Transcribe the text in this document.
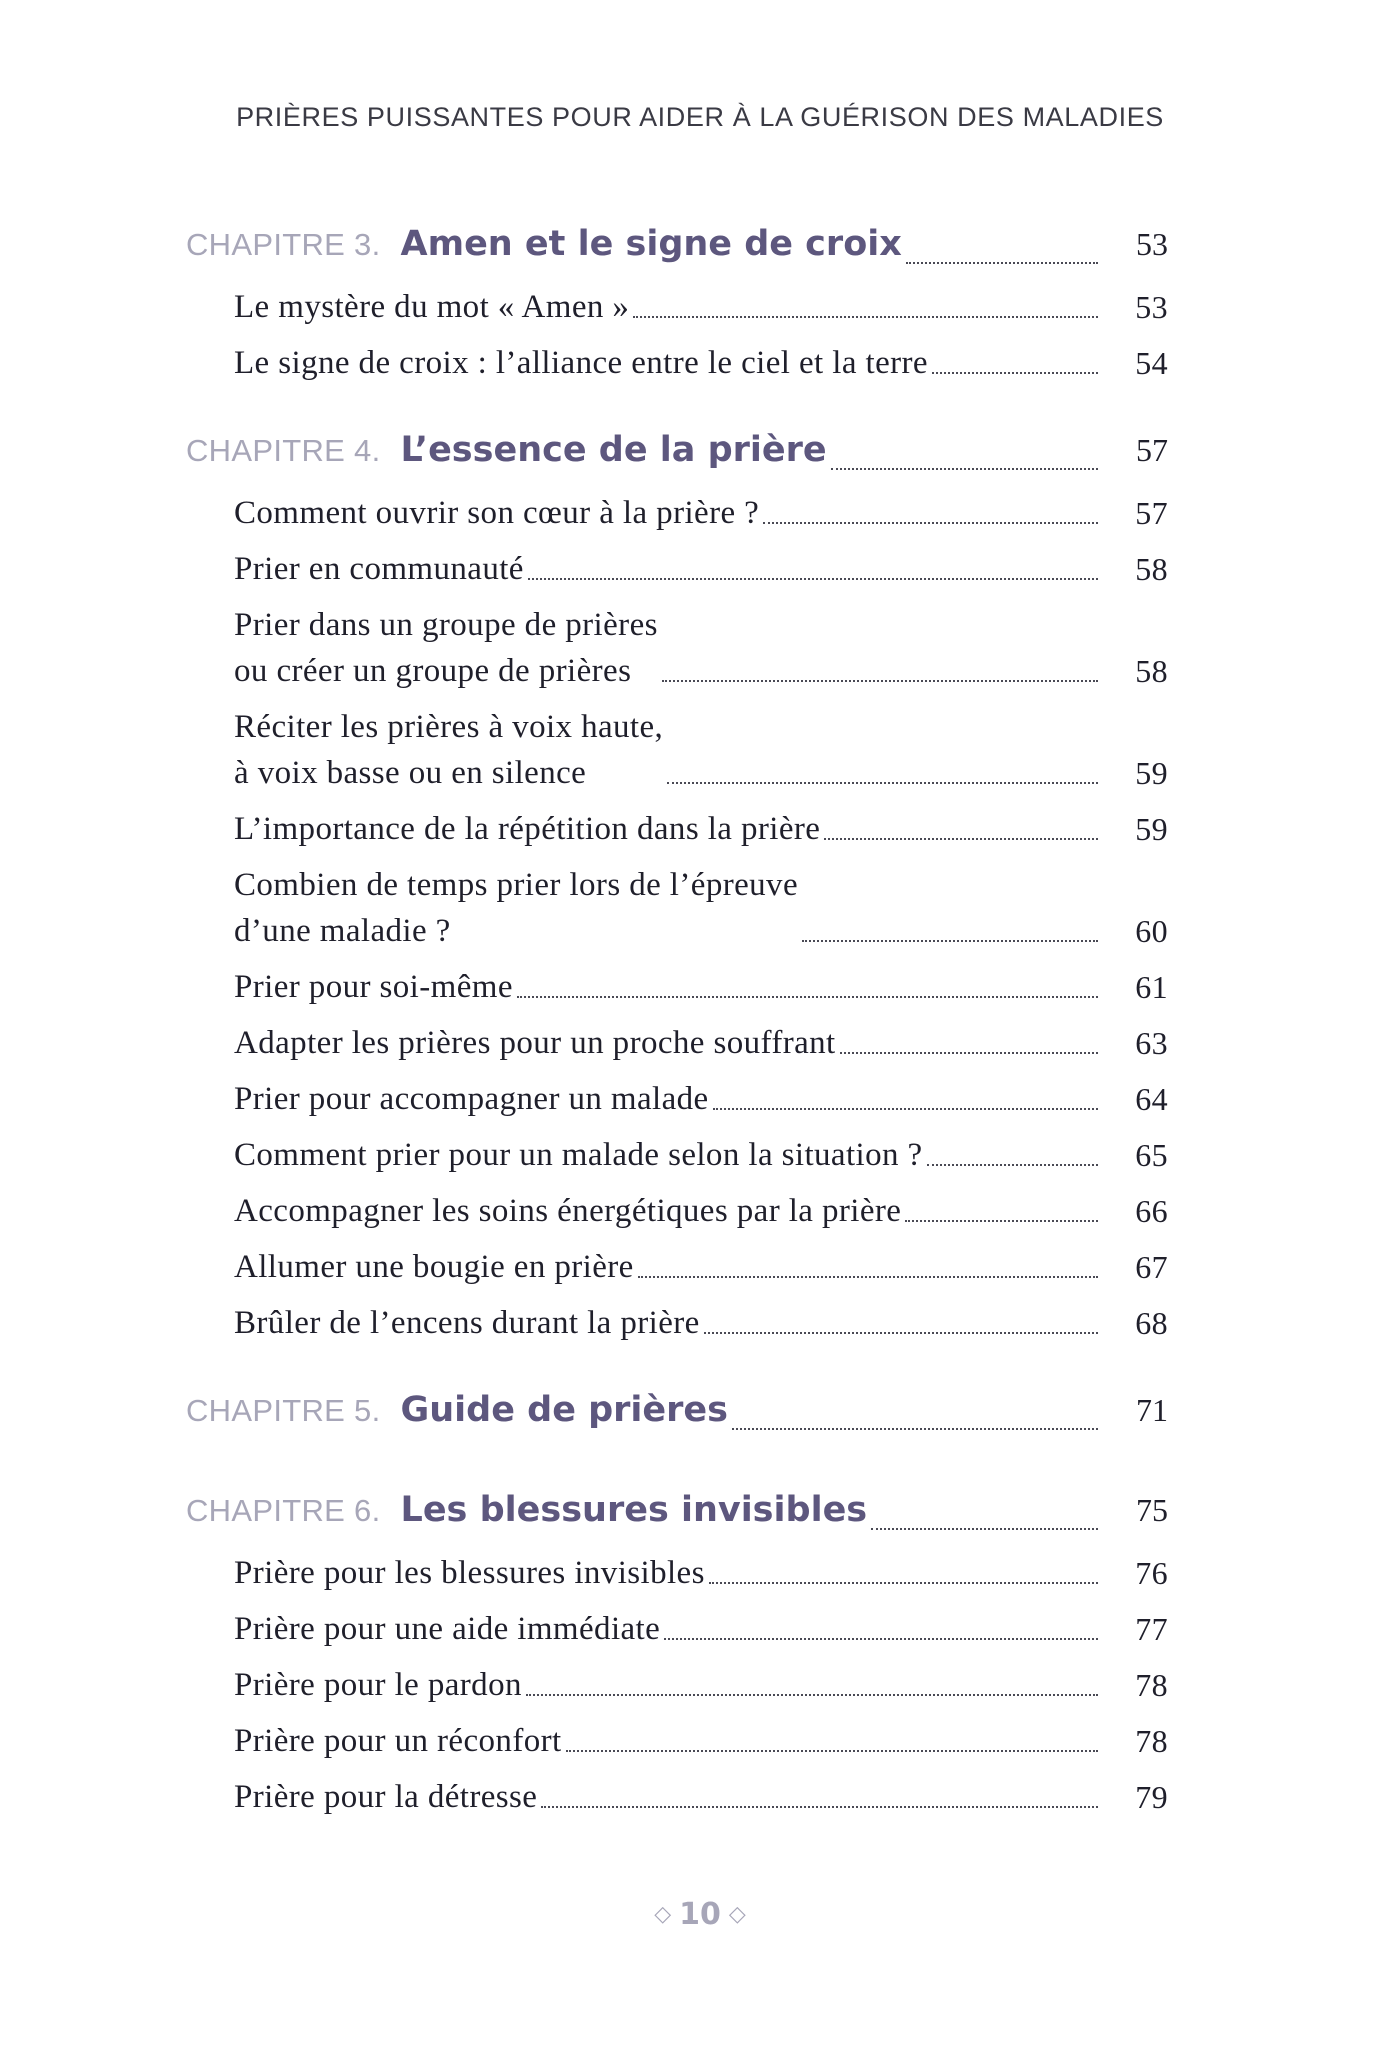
PRIÈRES PUISSANTES POUR AIDER À LA GUÉRISON DES MALADIES
CHAPITRE 3. Amen et le signe de croix	53
Le mystère du mot « Amen »	53
Le signe de croix : l’alliance entre le ciel et la terre	54
CHAPITRE 4. L’essence de la prière	57
Comment ouvrir son cœur à la prière ?	57
Prier en communauté	58
Prier dans un groupe de prières
ou créer un groupe de prières	58
Réciter les prières à voix haute,
à voix basse ou en silence	59
L’importance de la répétition dans la prière	59
Combien de temps prier lors de l’épreuve
d’une maladie ?	60
Prier pour soi-même	61
Adapter les prières pour un proche souffrant	63
Prier pour accompagner un malade	64
Comment prier pour un malade selon la situation ?	65
Accompagner les soins énergétiques par la prière	66
Allumer une bougie en prière	67
Brûler de l’encens durant la prière	68
CHAPITRE 5. Guide de prières	71
CHAPITRE 6. Les blessures invisibles	75
Prière pour les blessures invisibles	76
Prière pour une aide immédiate	77
Prière pour le pardon	78
Prière pour un réconfort	78
Prière pour la détresse	79
◇ 10 ◇
